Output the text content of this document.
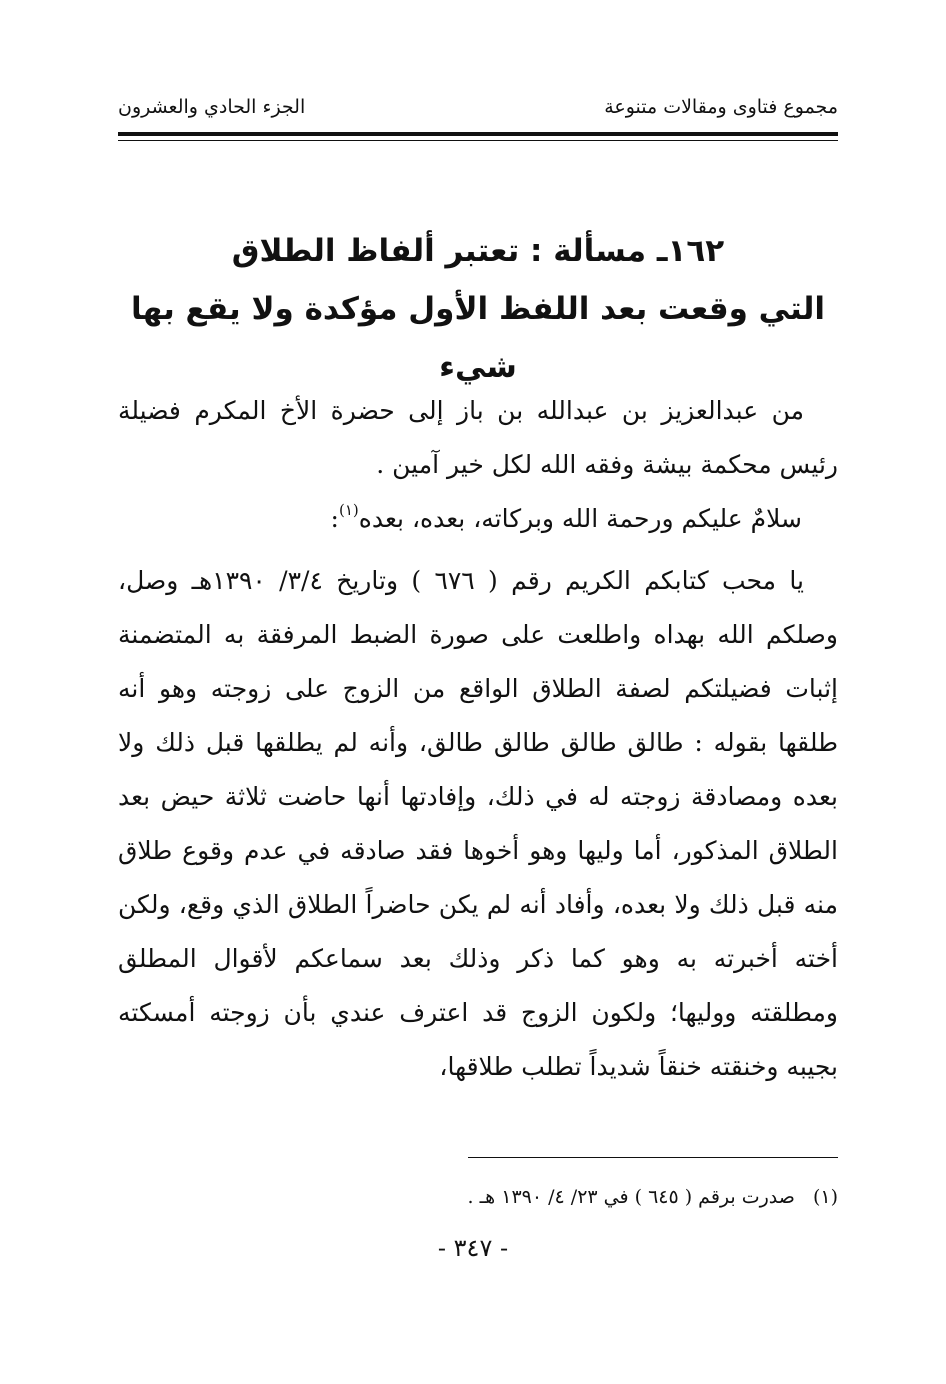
مجموع فتاوى ومقالات متنوعة
الجزء الحادي والعشرون
١٦٢ـ مسألة : تعتبر ألفاظ الطلاق
التي وقعت بعد اللفظ الأول مؤكدة ولا يقع بها شيء

من عبدالعزيز بن عبدالله بن باز إلى حضرة الأخ المكرم فضيلة رئيس محكمة بيشة وفقه الله لكل خير آمين .

سلامٌ عليكم ورحمة الله وبركاته، بعده، بعده$^{(١)}$:

يا محب كتابكم الكريم رقم ( ٦٧٦ ) وتاريخ ٣/٤/ ١٣٩٠هـ وصل، وصلكم الله بهداه واطلعت على صورة الضبط المرفقة به المتضمنة إثبات فضيلتكم لصفة الطلاق الواقع من الزوج على زوجته وهو أنه طلقها بقوله : طالق طالق طالق طالق، وأنه لم يطلقها قبل ذلك ولا بعده ومصادقة زوجته له في ذلك، وإفادتها أنها حاضت ثلاثة حيض بعد الطلاق المذكور، أما وليها وهو أخوها فقد صادقه في عدم وقوع طلاق منه قبل ذلك ولا بعده، وأفاد أنه لم يكن حاضراً الطلاق الذي وقع، ولكن أخته أخبرته به وهو كما ذكر وذلك بعد سماعكم لأقوال المطلق ومطلقته ووليها؛ ولكون الزوج قد اعترف عندي بأن زوجته أمسكته بجيبه وخنقته خنقاً شديداً تطلب طلاقها،

(١) صدرت برقم ( ٦٤٥ ) في ٢٣/ ٤/ ١٣٩٠ هـ .
- ٣٤٧ -
